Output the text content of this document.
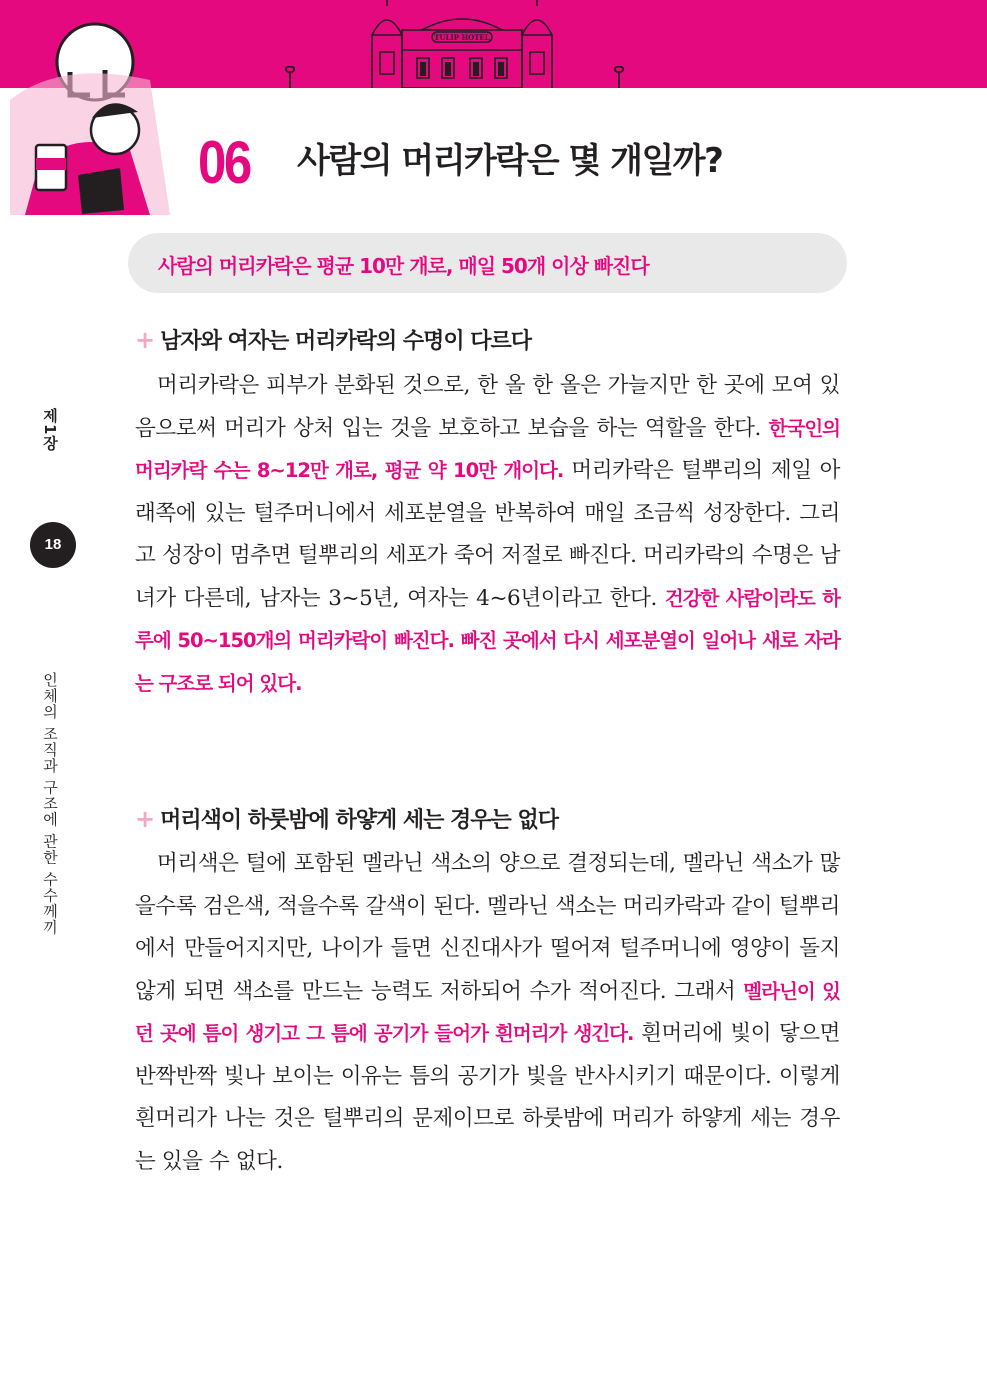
TULIP HOTEL
06 사람의 머리카락은 몇 개일까?
사람의 머리카락은 평균 10만 개로, 매일 50개 이상 빠진다
+ 남자와 여자는 머리카락의 수명이 다르다
머리카락은 피부가 분화된 것으로, 한 올 한 올은 가늘지만 한 곳에 모여 있음으로써 머리가 상처 입는 것을 보호하고 보습을 하는 역할을 한다. 한국인의 머리카락 수는 8~12만 개로, 평균 약 10만 개이다. 머리카락은 털뿌리의 제일 아래쪽에 있는 털주머니에서 세포분열을 반복하여 매일 조금씩 성장한다. 그리고 성장이 멈추면 털뿌리의 세포가 죽어 저절로 빠진다. 머리카락의 수명은 남녀가 다른데, 남자는 3~5년, 여자는 4~6년이라고 한다. 건강한 사람이라도 하루에 50~150개의 머리카락이 빠진다. 빠진 곳에서 다시 세포분열이 일어나 새로 자라는 구조로 되어 있다.
+ 머리색이 하룻밤에 하얗게 세는 경우는 없다
머리색은 털에 포함된 멜라닌 색소의 양으로 결정되는데, 멜라닌 색소가 많을수록 검은색, 적을수록 갈색이 된다. 멜라닌 색소는 머리카락과 같이 털뿌리에서 만들어지지만, 나이가 들면 신진대사가 떨어져 털주머니에 영양이 돌지 않게 되면 색소를 만드는 능력도 저하되어 수가 적어진다. 그래서 멜라닌이 있던 곳에 틈이 생기고 그 틈에 공기가 들어가 흰머리가 생긴다. 흰머리에 빛이 닿으면 반짝반짝 빛나 보이는 이유는 틈의 공기가 빛을 반사시키기 때문이다. 이렇게 흰머리가 나는 것은 털뿌리의 문제이므로 하룻밤에 머리가 하얗게 세는 경우는 있을 수 없다.
제1장
18
인체의 조직과 구조에 관한 수수께끼
